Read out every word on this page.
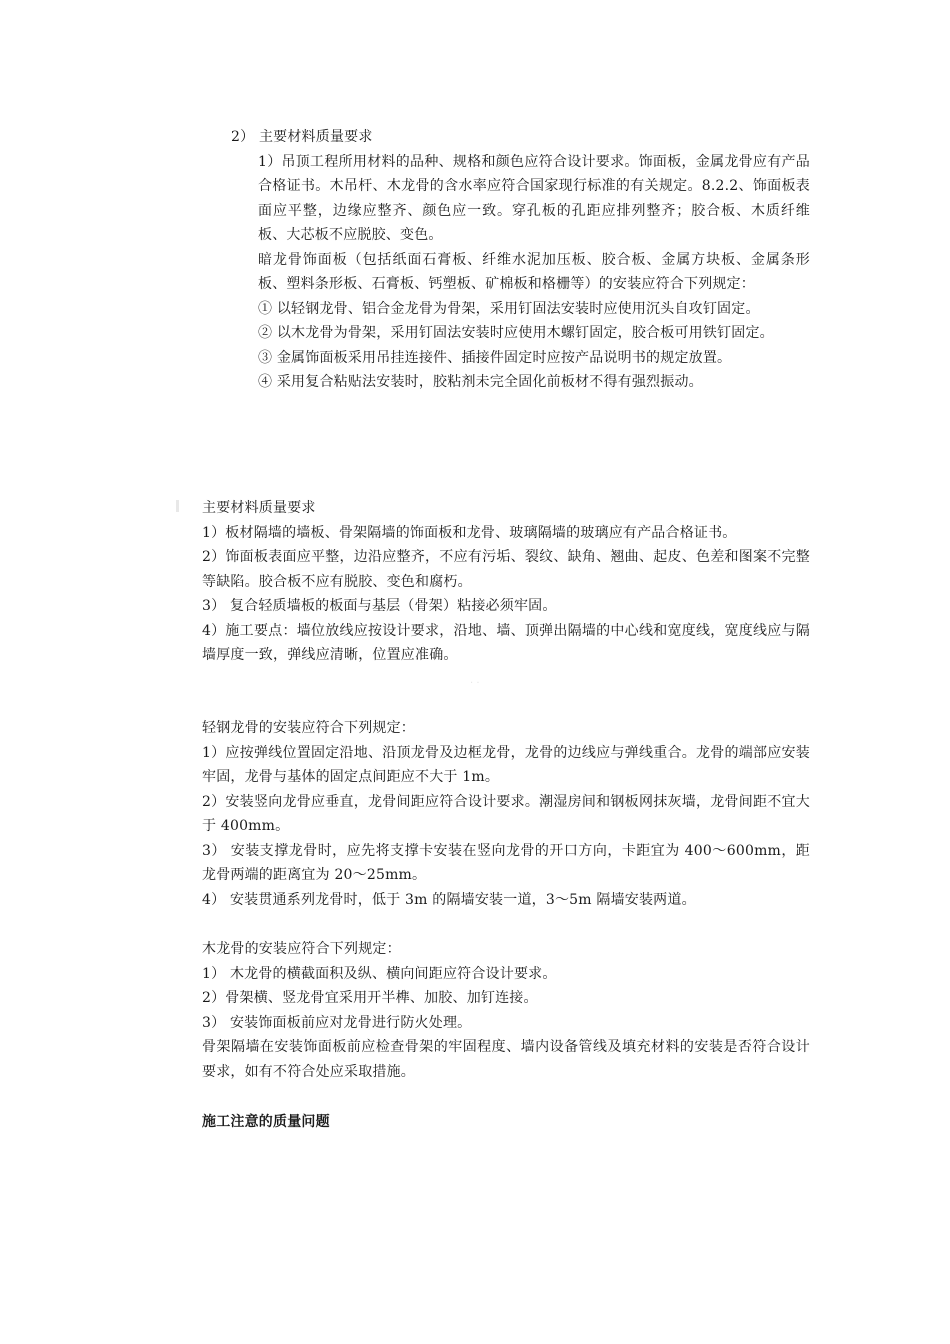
· ·

2） 主要材料质量要求

1）吊顶工程所用材料的品种、规格和颜色应符合设计要求。饰面板，金属龙骨应有产品合格证书。木吊杆、木龙骨的含水率应符合国家现行标准的有关规定。8.2.2、饰面板表面应平整，边缘应整齐、颜色应一致。穿孔板的孔距应排列整齐；胶合板、木质纤维板、大芯板不应脱胶、变色。

暗龙骨饰面板（包括纸面石膏板、纤维水泥加压板、胶合板、金属方块板、金属条形板、塑料条形板、石膏板、钙塑板、矿棉板和格栅等）的安装应符合下列规定：

① 以轻钢龙骨、铝合金龙骨为骨架，采用钉固法安装时应使用沉头自攻钉固定。

② 以木龙骨为骨架，采用钉固法安装时应使用木螺钉固定，胶合板可用铁钉固定。

③ 金属饰面板采用吊挂连接件、插接件固定时应按产品说明书的规定放置。

④ 采用复合粘贴法安装时，胶粘剂未完全固化前板材不得有强烈振动。

主要材料质量要求

1）板材隔墙的墙板、骨架隔墙的饰面板和龙骨、玻璃隔墙的玻璃应有产品合格证书。

2）饰面板表面应平整，边沿应整齐，不应有污垢、裂纹、缺角、翘曲、起皮、色差和图案不完整等缺陷。胶合板不应有脱胶、变色和腐朽。

3） 复合轻质墙板的板面与基层（骨架）粘接必须牢固。

4）施工要点：墙位放线应按设计要求，沿地、墙、顶弹出隔墙的中心线和宽度线，宽度线应与隔墙厚度一致，弹线应清晰，位置应准确。

轻钢龙骨的安装应符合下列规定：

1）应按弹线位置固定沿地、沿顶龙骨及边框龙骨，龙骨的边线应与弹线重合。龙骨的端部应安装牢固，龙骨与基体的固定点间距应不大于 1m。

2）安装竖向龙骨应垂直，龙骨间距应符合设计要求。潮湿房间和钢板网抹灰墙，龙骨间距不宜大于 400mm。

3） 安装支撑龙骨时，应先将支撑卡安装在竖向龙骨的开口方向，卡距宜为 400～600mm，距龙骨两端的距离宜为 20～25mm。

4） 安装贯通系列龙骨时，低于 3m 的隔墙安装一道，3～5m 隔墙安装两道。

木龙骨的安装应符合下列规定：

1） 木龙骨的横截面积及纵、横向间距应符合设计要求。

2）骨架横、竖龙骨宜采用开半榫、加胶、加钉连接。

3） 安装饰面板前应对龙骨进行防火处理。

骨架隔墙在安装饰面板前应检查骨架的牢固程度、墙内设备管线及填充材料的安装是否符合设计要求，如有不符合处应采取措施。

施工注意的质量问题
